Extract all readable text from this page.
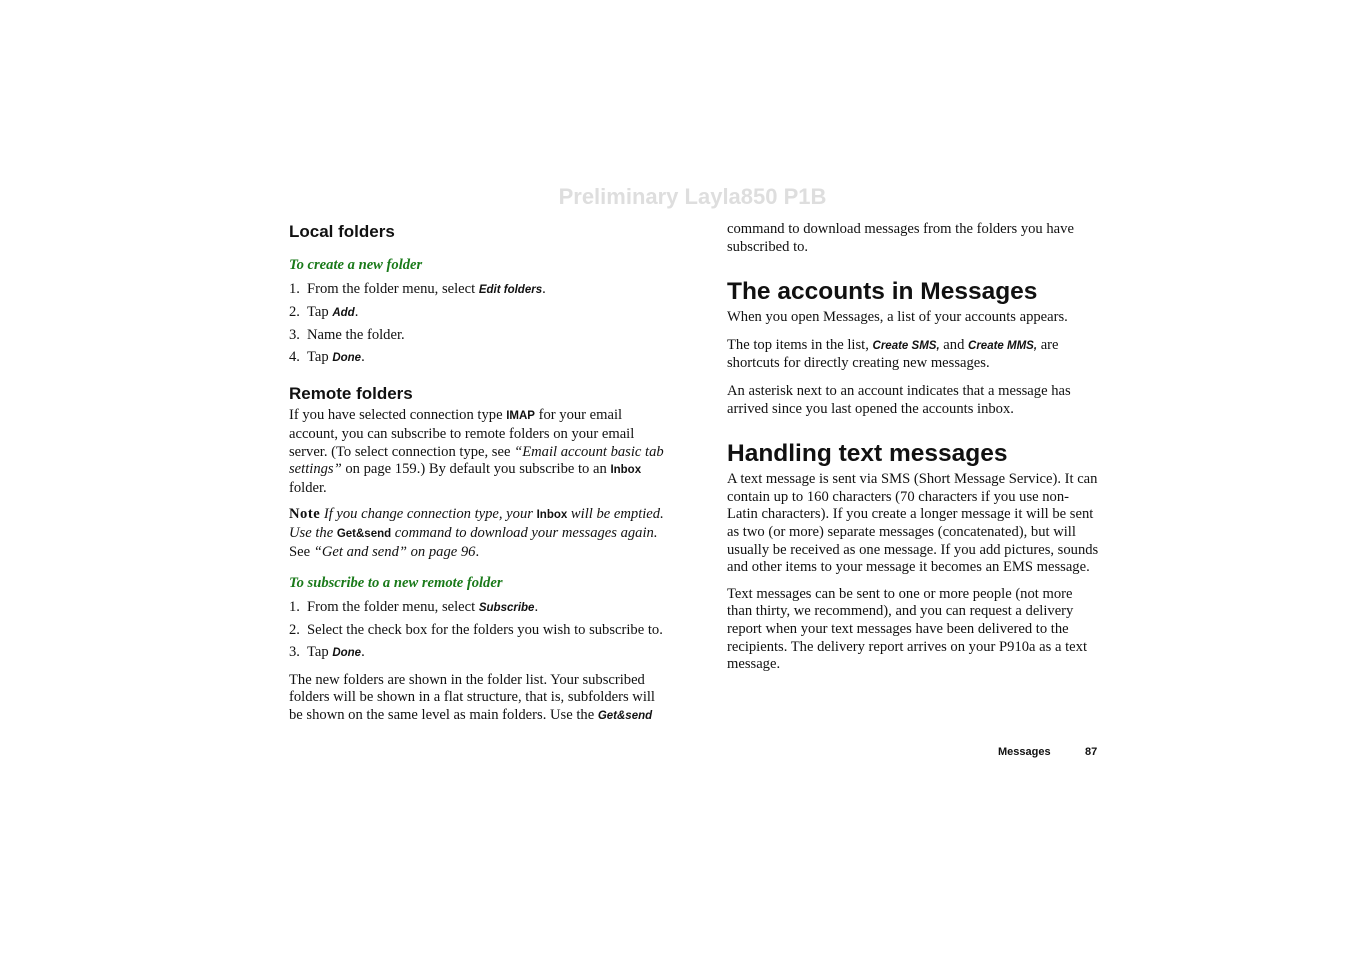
Preliminary Layla850 P1B
Local folders

To create a new folder

1. From the folder menu, select Edit folders.

2. Tap Add.

3. Name the folder.

4. Tap Done.

Remote folders

If you have selected connection type IMAP for your email account, you can subscribe to remote folders on your email server. (To select connection type, see “Email account basic tab settings” on page 159.) By default you subscribe to an Inbox folder.

Note If you change connection type, your Inbox will be emptied. Use the Get&send command to download your messages again. See “Get and send” on page 96.

To subscribe to a new remote folder

1. From the folder menu, select Subscribe.

2. Select the check box for the folders you wish to subscribe to.

3. Tap Done.

The new folders are shown in the folder list. Your subscribed folders will be shown in a flat structure, that is, subfolders will be shown on the same level as main folders. Use the Get&send

command to download messages from the folders you have subscribed to.

The accounts in Messages

When you open Messages, a list of your accounts appears.

The top items in the list, Create SMS, and Create MMS, are shortcuts for directly creating new messages.

An asterisk next to an account indicates that a message has arrived since you last opened the accounts inbox.

Handling text messages

A text message is sent via SMS (Short Message Service). It can contain up to 160 characters (70 characters if you use non-Latin characters). If you create a longer message it will be sent as two (or more) separate messages (concatenated), but will usually be received as one message. If you add pictures, sounds and other items to your message it becomes an EMS message.

Text messages can be sent to one or more people (not more than thirty, we recommend), and you can request a delivery report when your text messages have been delivered to the recipients. The delivery report arrives on your P910a as a text message.

Messages	87
